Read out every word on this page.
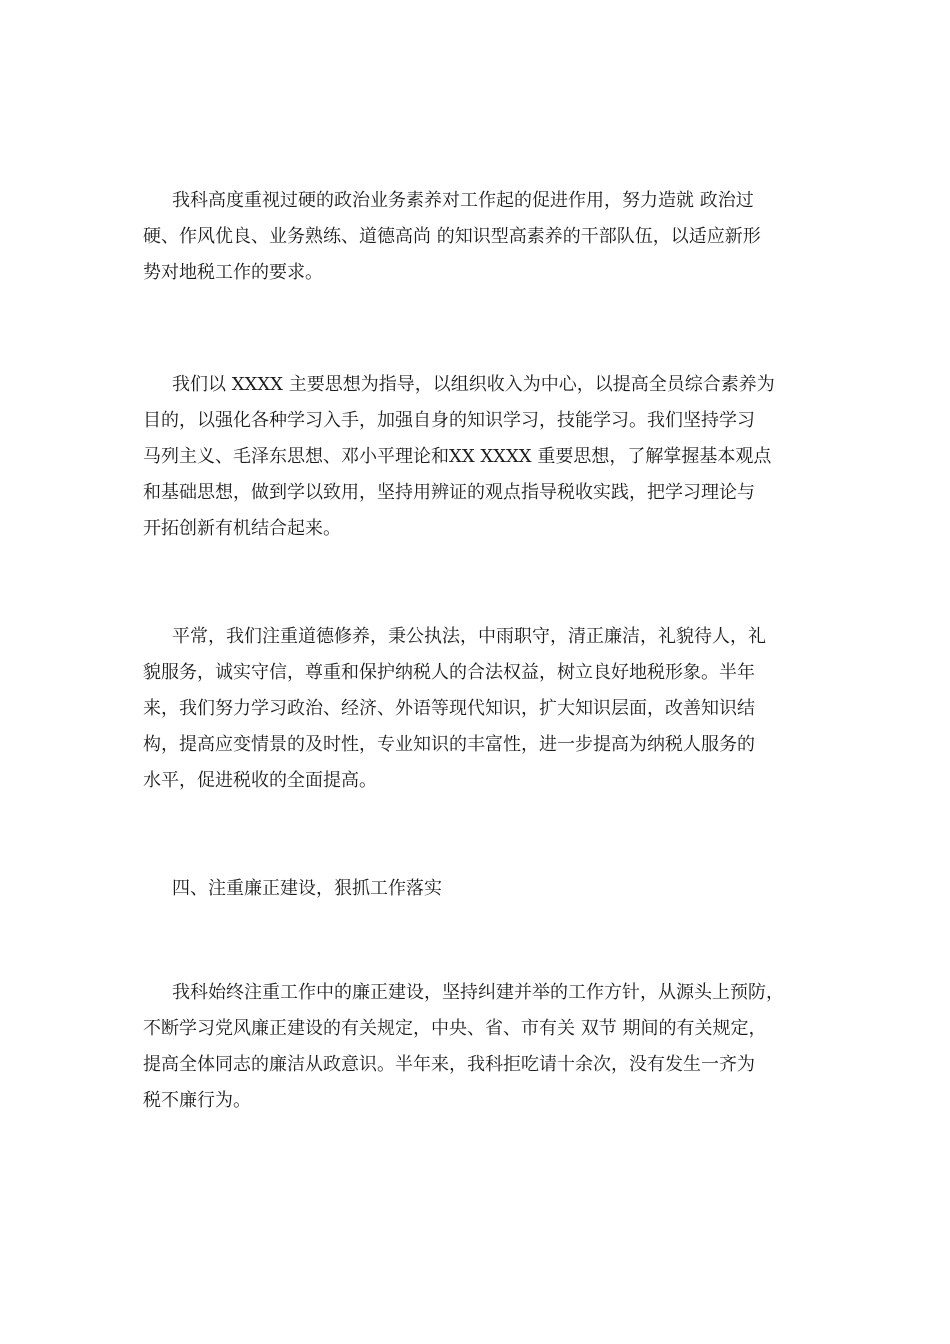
我科高度重视过硬的政治业务素养对工作起的促进作用，努力造就 政治过
硬、作风优良、业务熟练、道德高尚 的知识型高素养的干部队伍，以适应新形
势对地税工作的要求。
我们以 XXXX 主要思想为指导，以组织收入为中心，以提高全员综合素养为
目的，以强化各种学习入手，加强自身的知识学习，技能学习。我们坚持学习
马列主义、毛泽东思想、邓小平理论和XX XXXX 重要思想，了解掌握基本观点
和基础思想，做到学以致用，坚持用辨证的观点指导税收实践，把学习理论与
开拓创新有机结合起来。
平常，我们注重道德修养，秉公执法，中雨职守，清正廉洁，礼貌待人，礼
貌服务，诚实守信，尊重和保护纳税人的合法权益，树立良好地税形象。半年
来，我们努力学习政治、经济、外语等现代知识，扩大知识层面，改善知识结
构，提高应变情景的及时性，专业知识的丰富性，进一步提高为纳税人服务的
水平，促进税收的全面提高。
四、注重廉正建设，狠抓工作落实
我科始终注重工作中的廉正建设，坚持纠建并举的工作方针，从源头上预防，
不断学习党风廉正建设的有关规定，中央、省、市有关 双节 期间的有关规定，
提高全体同志的廉洁从政意识。半年来，我科拒吃请十余次，没有发生一齐为
税不廉行为。
